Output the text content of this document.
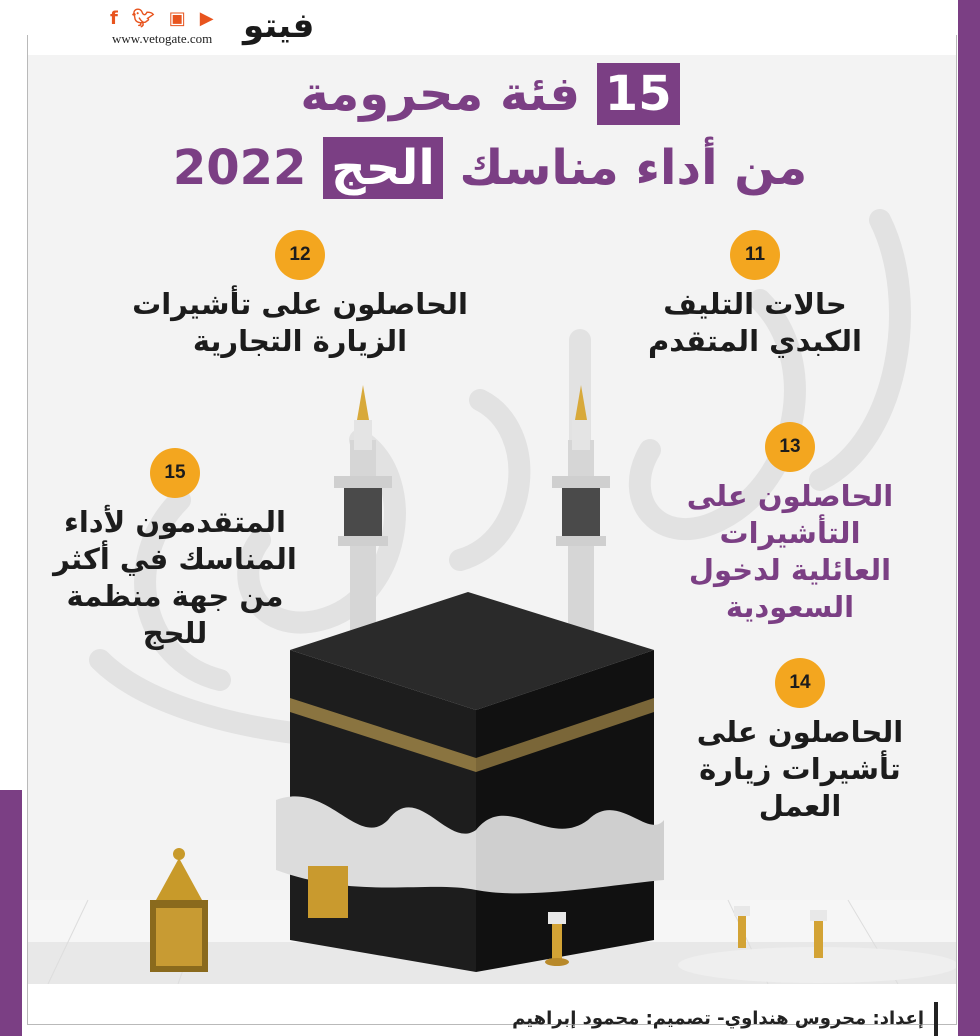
f 🐦︎ ▣ ▶
www.vetogate.com فيتو
15 فئة محرومة
من أداء مناسك الحج 2022
11
حالات التليف
الكبدي المتقدم
12
الحاصلون على تأشيرات
الزيارة التجارية
13
الحاصلون على
التأشيرات
العائلية لدخول
السعودية
14
الحاصلون على
تأشيرات زيارة
العمل
15
المتقدمون لأداء
المناسك في أكثر
من جهة منظمة
للحج
إعداد: محروس هنداوي- تصميم: محمود إبراهيم
